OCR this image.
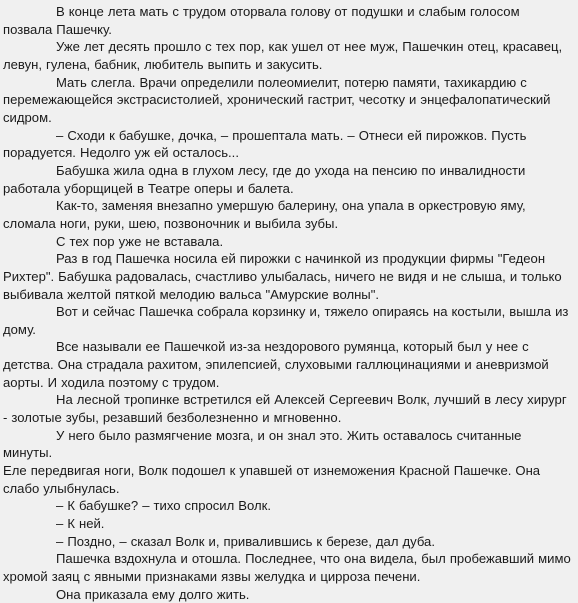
В конце лета мать с трудом оторвала голову от подушки и слабым голосом позвала Пашечку.

Уже лет десять прошло с тех пор, как ушел от нее муж, Пашечкин отец, красавец, левун, гулена, бабник, любитель выпить и закусить.

Мать слегла. Врачи определили полеомиелит, потерю памяти, тахикардию с перемежающейся экстрасистолией, хронический гастрит, чесотку и энцефалопатический сидром.

– Сходи к бабушке, дочка, – прошептала мать. – Отнеси ей пирожков. Пусть порадуется. Недолго уж ей осталось...

Бабушка жила одна в глухом лесу, где до ухода на пенсию по инвалидности работала уборщицей в Театре оперы и балета.

Как-то, заменяя внезапно умершую балерину, она упала в оркестровую яму, сломала ноги, руки, шею, позвоночник и выбила зубы.

С тех пор уже не вставала.

Раз в год Пашечка носила ей пирожки с начинкой из продукции фирмы "Гедеон Рихтер". Бабушка радовалась, счастливо улыбалась, ничего не видя и не слыша, и только выбивала желтой пяткой мелодию вальса "Амурские волны".

Вот и сейчас Пашечка собрала корзинку и, тяжело опираясь на костыли, вышла из дому.

Все называли ее Пашечкой из-за нездорового румянца, который был у нее с детства. Она страдала рахитом, эпилепсией, слуховыми галлюцинациями и аневризмой аорты. И ходила поэтому с трудом.

На лесной тропинке встретился ей Алексей Сергеевич Волк, лучший в лесу хирург - золотые зубы, резавший безболезненно и мгновенно.

У него было размягчение мозга, и он знал это. Жить оставалось считанные минуты.

Еле передвигая ноги, Волк подошел к упавшей от изнеможения Красной Пашечке. Она слабо улыбнулась.

– К бабушке? – тихо спросил Волк.

– К ней.

– Поздно, – сказал Волк и, привалившись к березе, дал дуба.

Пашечка вздохнула и отошла. Последнее, что она видела, был пробежавший мимо хромой заяц с явными признаками язвы желудка и цирроза печени.

Она приказала ему долго жить.
